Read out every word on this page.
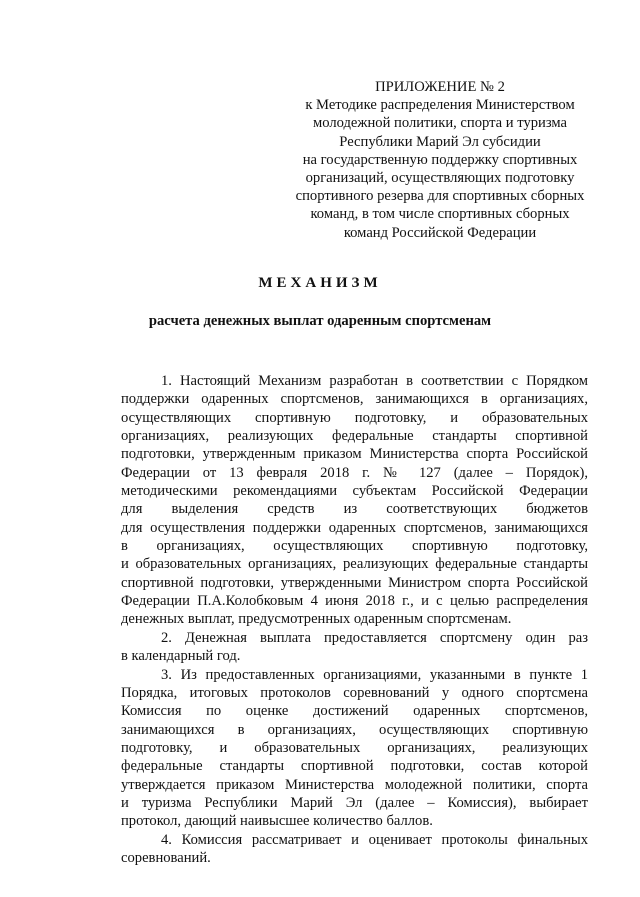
ПРИЛОЖЕНИЕ № 2
к Методике распределения Министерством
молодежной политики, спорта и туризма
Республики Марий Эл субсидии
на государственную поддержку спортивных
организаций, осуществляющих подготовку
спортивного резерва для спортивных сборных
команд, в том числе спортивных сборных
команд Российской Федерации
МЕХАНИЗМ
расчета денежных выплат одаренным спортсменам
1. Настоящий Механизм разработан в соответствии с Порядком
поддержки одаренных спортсменов, занимающихся в организациях,
осуществляющих спортивную подготовку, и образовательных
организациях, реализующих федеральные стандарты спортивной
подготовки, утвержденным приказом Министерства спорта Российской
Федерации от 13 февраля 2018 г. № 127 (далее – Порядок),
методическими рекомендациями субъектам Российской Федерации
для выделения средств из соответствующих бюджетов
для осуществления поддержки одаренных спортсменов, занимающихся
в организациях, осуществляющих спортивную подготовку,
и образовательных организациях, реализующих федеральные стандарты
спортивной подготовки, утвержденными Министром спорта Российской
Федерации П.А.Колобковым 4 июня 2018 г., и с целью распределения
денежных выплат, предусмотренных одаренным спортсменам.
2. Денежная выплата предоставляется спортсмену один раз
в календарный год.
3. Из предоставленных организациями, указанными в пункте 1
Порядка, итоговых протоколов соревнований у одного спортсмена
Комиссия по оценке достижений одаренных спортсменов,
занимающихся в организациях, осуществляющих спортивную
подготовку, и образовательных организациях, реализующих
федеральные стандарты спортивной подготовки, состав которой
утверждается приказом Министерства молодежной политики, спорта
и туризма Республики Марий Эл (далее – Комиссия), выбирает
протокол, дающий наивысшее количество баллов.
4. Комиссия рассматривает и оценивает протоколы финальных
соревнований.
